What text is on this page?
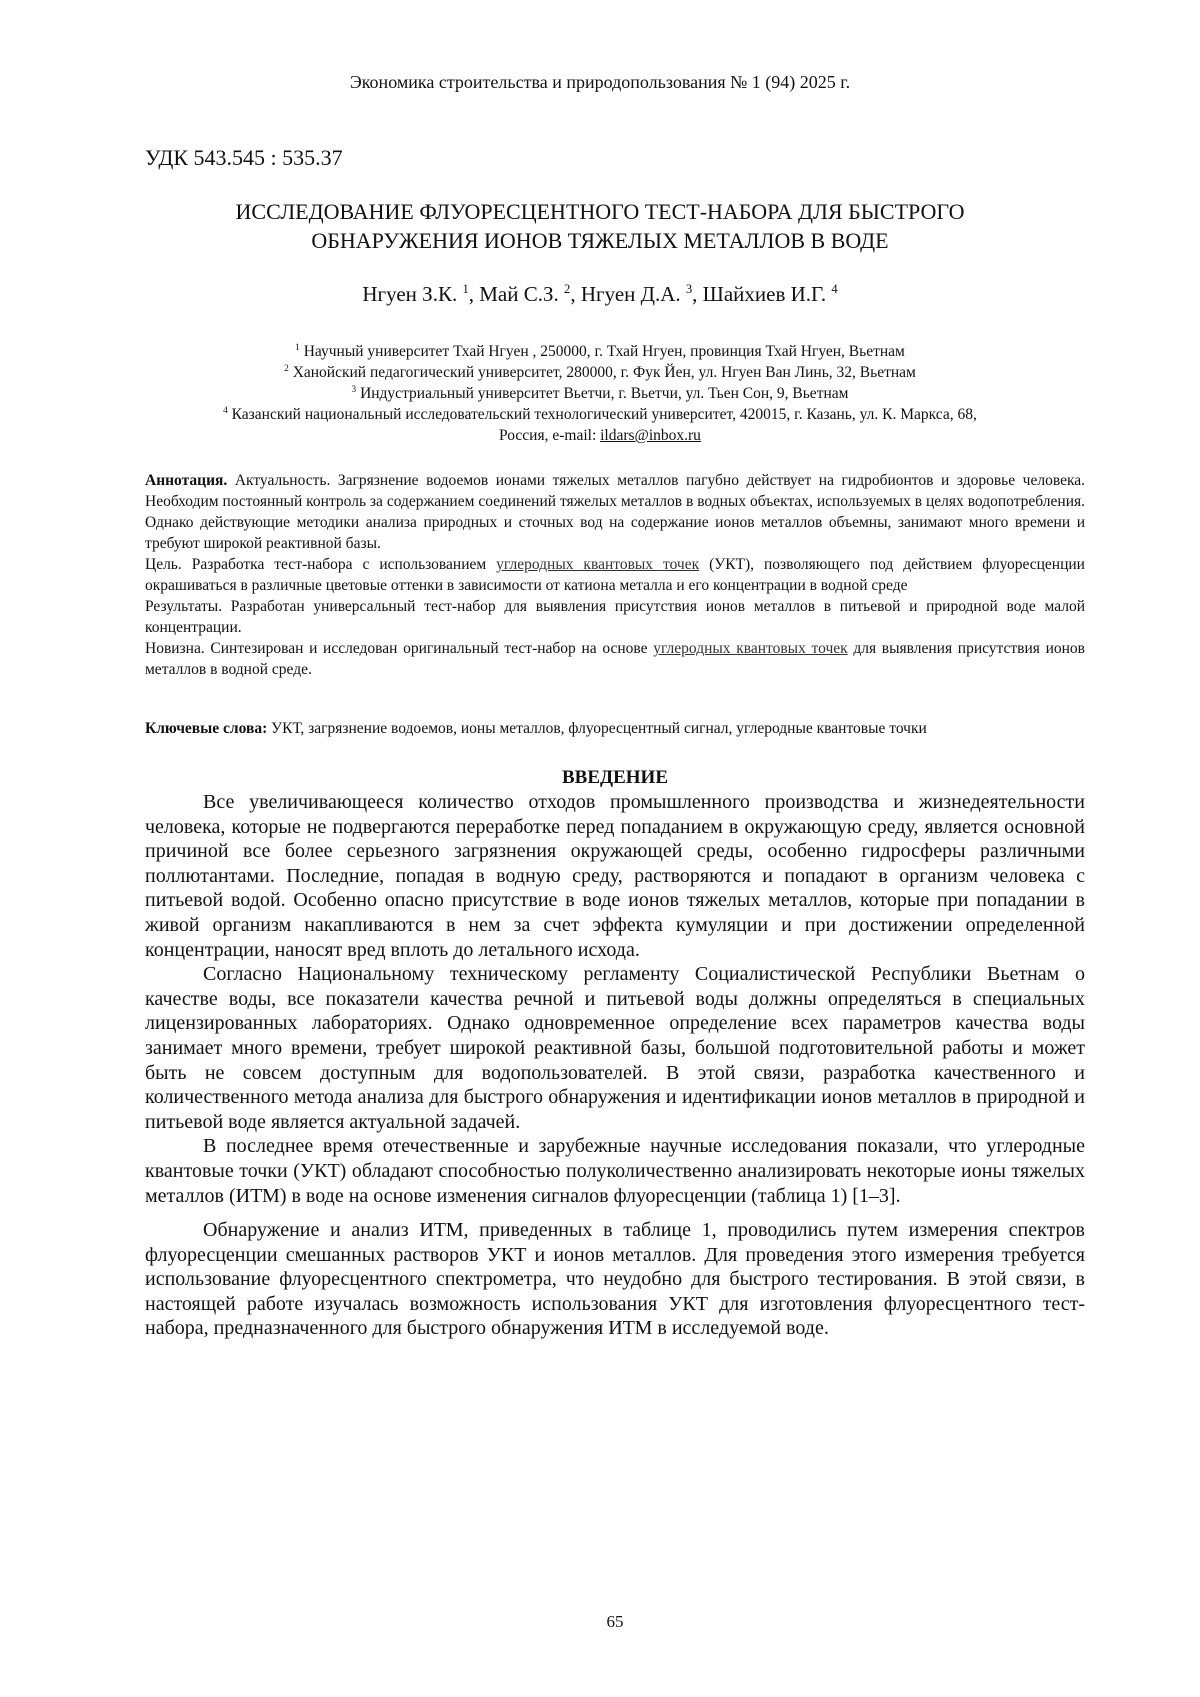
Экономика строительства и природопользования № 1 (94) 2025 г.
УДК 543.545 : 535.37
ИССЛЕДОВАНИЕ ФЛУОРЕСЦЕНТНОГО ТЕСТ-НАБОРА ДЛЯ БЫСТРОГО
ОБНАРУЖЕНИЯ ИОНОВ ТЯЖЕЛЫХ МЕТАЛЛОВ В ВОДЕ
Нгуен З.К. $^1$, Май С.З. $^2$, Нгуен Д.А. $^3$, Шайхиев И.Г. $^4$
$^1$ Научный университет Тхай Нгуен , 250000, г. Тхай Нгуен, провинция Тхай Нгуен, Вьетнам
$^2$ Ханойский педагогический университет, 280000, г. Фук Йен, ул. Нгуен Ван Линь, 32, Вьетнам
$^3$ Индустриальный университет Вьетчи, г. Вьетчи, ул. Тьен Сон, 9, Вьетнам
$^4$ Казанский национальный исследовательский технологический университет, 420015, г. Казань, ул. К. Маркса, 68,
Россия, e-mail: ildars@inbox.ru

Аннотация. Актуальность. Загрязнение водоемов ионами тяжелых металлов пагубно действует на гидробионтов и здоровье человека. Необходим постоянный контроль за содержанием соединений тяжелых металлов в водных объектах, используемых в целях водопотребления. Однако действующие методики анализа природных и сточных вод на содержание ионов металлов объемны, занимают много времени и требуют широкой реактивной базы.

Цель. Разработка тест-набора с использованием углеродных квантовых точек (УКТ), позволяющего под действием флуоресценции окрашиваться в различные цветовые оттенки в зависимости от катиона металла и его концентрации в водной среде

Результаты. Разработан универсальный тест-набор для выявления присутствия ионов металлов в питьевой и природной воде малой концентрации.

Новизна. Синтезирован и исследован оригинальный тест-набор на основе углеродных квантовых точек для выявления присутствия ионов металлов в водной среде.

Ключевые слова: УКТ, загрязнение водоемов, ионы металлов, флуоресцентный сигнал, углеродные квантовые точки
ВВЕДЕНИЕ

Все увеличивающееся количество отходов промышленного производства и жизнедеятельности человека, которые не подвергаются переработке перед попаданием в окружающую среду, является основной причиной все более серьезного загрязнения окружающей среды, особенно гидросферы различными поллютантами. Последние, попадая в водную среду, растворяются и попадают в организм человека с питьевой водой. Особенно опасно присутствие в воде ионов тяжелых металлов, которые при попадании в живой организм накапливаются в нем за счет эффекта кумуляции и при достижении определенной концентрации, наносят вред вплоть до летального исхода.

Согласно Национальному техническому регламенту Социалистической Республики Вьетнам о качестве воды, все показатели качества речной и питьевой воды должны определяться в специальных лицензированных лабораториях. Однако одновременное определение всех параметров качества воды занимает много времени, требует широкой реактивной базы, большой подготовительной работы и может быть не совсем доступным для водопользователей. В этой связи, разработка качественного и количественного метода анализа для быстрого обнаружения и идентификации ионов металлов в природной и питьевой воде является актуальной задачей.

В последнее время отечественные и зарубежные научные исследования показали, что углеродные квантовые точки (УКТ) обладают способностью полуколичественно анализировать некоторые ионы тяжелых металлов (ИТМ) в воде на основе изменения сигналов флуоресценции (таблица 1) [1–3].

Обнаружение и анализ ИТМ, приведенных в таблице 1, проводились путем измерения спектров флуоресценции смешанных растворов УКТ и ионов металлов. Для проведения этого измерения требуется использование флуоресцентного спектрометра, что неудобно для быстрого тестирования. В этой связи, в настоящей работе изучалась возможность использования УКТ для изготовления флуоресцентного тест-набора, предназначенного для быстрого обнаружения ИТМ в исследуемой воде.

65
